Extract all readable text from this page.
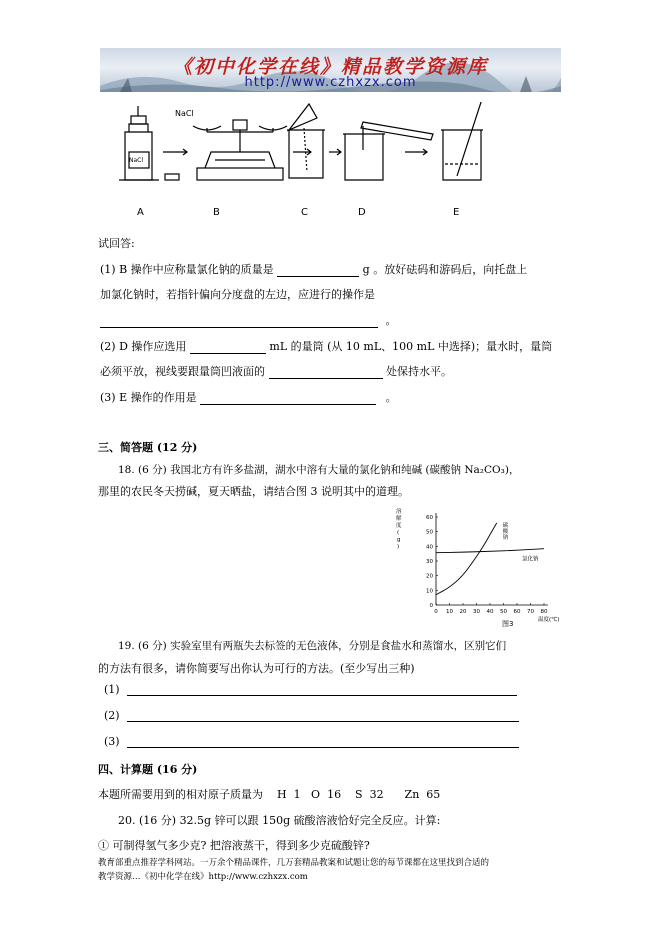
《初中化学在线》精品教学资源库
http://www.czhxzx.com
NaCl
NaCl
A	B	C	D	E
试回答:
(1) B 操作中应称量氯化钠的质量是	g 。放好砝码和游码后，向托盘上
加氯化钠时，若指针偏向分度盘的左边，应进行的操作是
。
(2) D 操作应选用	mL 的量筒 (从 10 mL、100 mL 中选择)；量水时，量筒
必须平放，视线要跟量筒凹液面的	处保持水平。
(3) E 操作的作用是	。
三、简答题 (12 分)
18. (6 分) 我国北方有许多盐湖，湖水中溶有大量的氯化钠和纯碱 (碳酸钠 Na₂CO₃)，
那里的农民冬天捞碱，夏天晒盐，请结合图 3 说明其中的道理。
0 10 20 30 40 50 60 70 80
0
10
20
30
40
50
60
溶解度( g )
温度(℃)
图3
碳酸钠
氯化钠
19. (6 分) 实验室里有两瓶失去标签的无色液体，分别是食盐水和蒸馏水，区别它们
的方法有很多，请你简要写出你认为可行的方法。(至少写出三种)
(1)
(2)
(3)
四、计算题 (16 分)
本题所需要用到的相对原子质量为    H  1   O  16    S  32      Zn  65
20. (16 分) 32.5g 锌可以跟 150g 硫酸溶液恰好完全反应。计算:
① 可制得氢气多少克? 把溶液蒸干，得到多少克硫酸锌?
教育部重点推荐学科网站。一万余个精品课件，几万套精品教案和试题让您的每节课都在这里找到合适的
教学资源…《初中化学在线》http://www.czhxzx.com
